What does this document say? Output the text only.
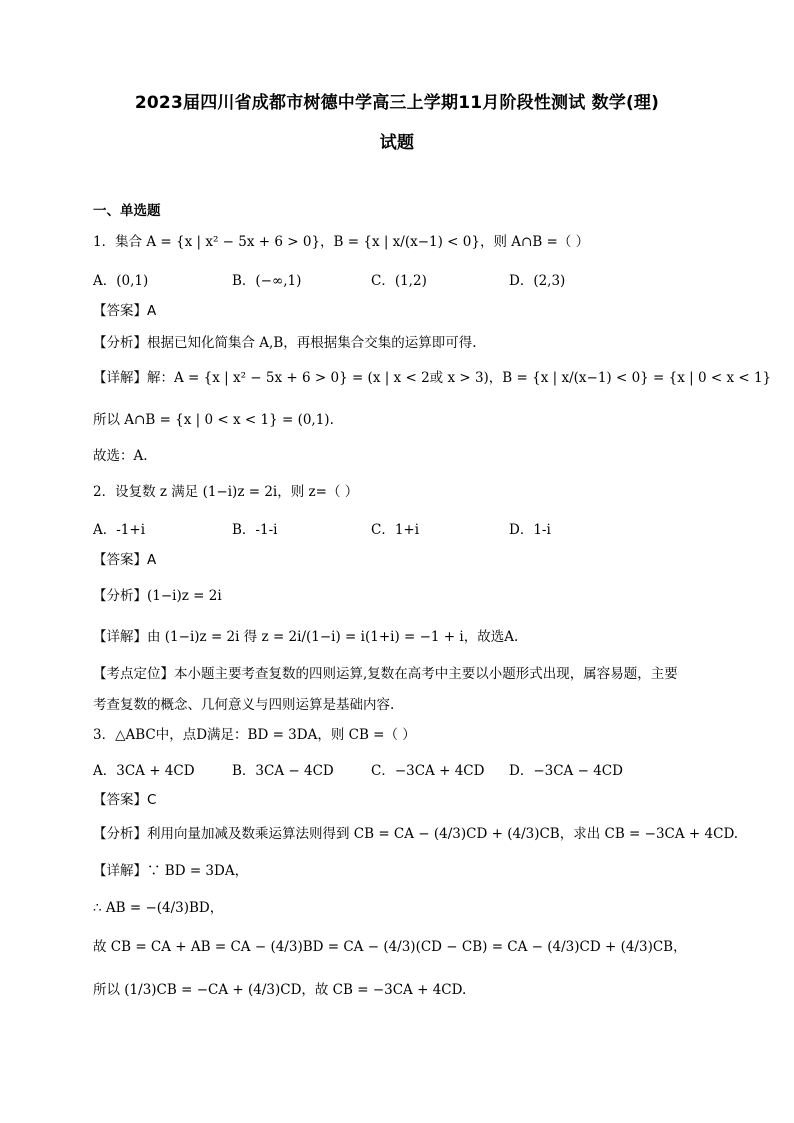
2023届四川省成都市树德中学高三上学期11月阶段性测试 数学(理)
试题
一、单选题
1．集合 A = {x | x² − 5x + 6 > 0}，B = {x | x/(x−1) < 0}，则 A∩B =（ ）
A．(0,1)	B．(−∞,1)	C．(1,2)	D．(2,3)
【答案】A
【分析】根据已知化简集合 A,B，再根据集合交集的运算即可得.
【详解】解：A = {x | x² − 5x + 6 > 0} = (x | x < 2或 x > 3)，B = {x | x/(x−1) < 0} = {x | 0 < x < 1}
所以 A∩B = {x | 0 < x < 1} = (0,1).
故选：A.
2．设复数 z 满足 (1−i)z = 2i，则 z=（ ）
A．-1+i	B．-1-i	C．1+i	D．1-i
【答案】A
【分析】(1−i)z = 2i
【详解】由 (1−i)z = 2i 得 z = 2i/(1−i) = i(1+i) = −1 + i，故选A.
【考点定位】本小题主要考查复数的四则运算,复数在高考中主要以小题形式出现，属容易题，主要
考查复数的概念、几何意义与四则运算是基础内容.
3．△ABC中，点D满足：BD = 3DA，则 CB =（ ）
A．3CA + 4CD	B．3CA − 4CD	C．−3CA + 4CD D．−3CA − 4CD
【答案】C
【分析】利用向量加减及数乘运算法则得到 CB = CA − (4/3)CD + (4/3)CB，求出 CB = −3CA + 4CD.
【详解】∵ BD = 3DA，
∴ AB = −(4/3)BD，
故 CB = CA + AB = CA − (4/3)BD = CA − (4/3)(CD − CB) = CA − (4/3)CD + (4/3)CB，
所以 (1/3)CB = −CA + (4/3)CD，故 CB = −3CA + 4CD.
